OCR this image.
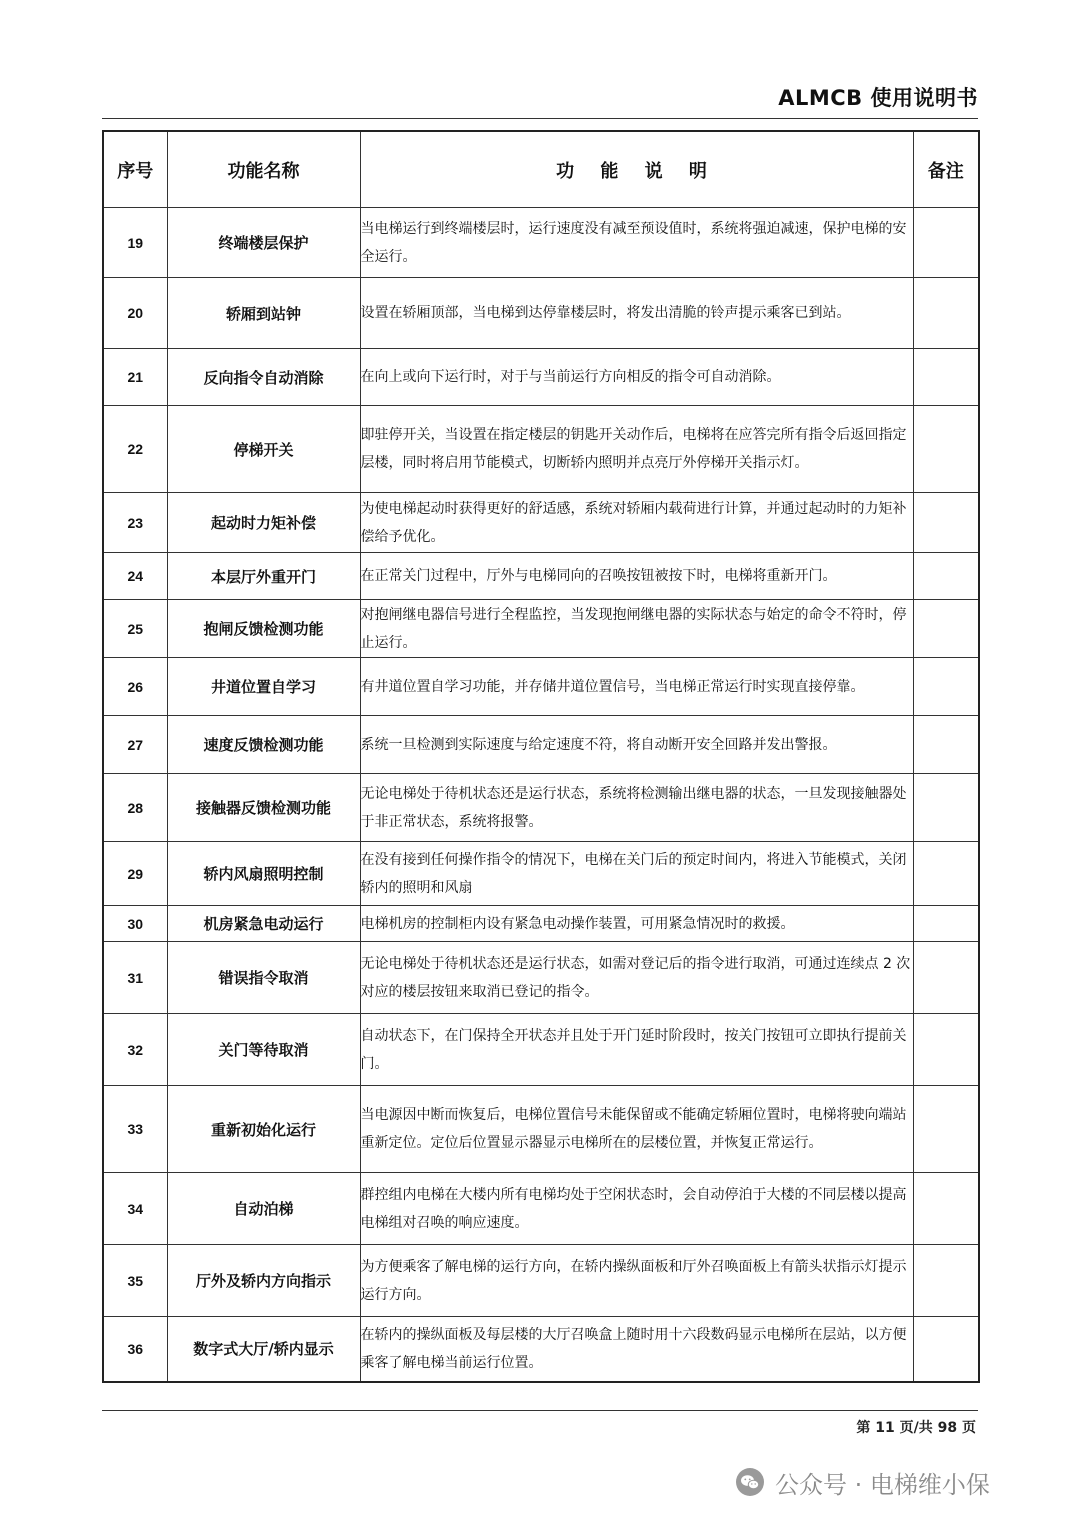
ALMCB 使用说明书
序号	功能名称	功 能 说 明	备注
19	终端楼层保护	当电梯运行到终端楼层时，运行速度没有减至预设值时，系统将强迫减速，保护电梯的安全运行。	
20	轿厢到站钟	设置在轿厢顶部，当电梯到达停靠楼层时，将发出清脆的铃声提示乘客已到站。	
21	反向指令自动消除	在向上或向下运行时，对于与当前运行方向相反的指令可自动消除。	
22	停梯开关	即驻停开关，当设置在指定楼层的钥匙开关动作后，电梯将在应答完所有指令后返回指定层楼，同时将启用节能模式，切断轿内照明并点亮厅外停梯开关指示灯。	
23	起动时力矩补偿	为使电梯起动时获得更好的舒适感，系统对轿厢内载荷进行计算，并通过起动时的力矩补偿给予优化。	
24	本层厅外重开门	在正常关门过程中，厅外与电梯同向的召唤按钮被按下时，电梯将重新开门。	
25	抱闸反馈检测功能	对抱闸继电器信号进行全程监控，当发现抱闸继电器的实际状态与始定的命令不符时，停止运行。	
26	井道位置自学习	有井道位置自学习功能，并存储井道位置信号，当电梯正常运行时实现直接停靠。	
27	速度反馈检测功能	系统一旦检测到实际速度与给定速度不符，将自动断开安全回路并发出警报。	
28	接触器反馈检测功能	无论电梯处于待机状态还是运行状态，系统将检测输出继电器的状态，一旦发现接触器处于非正常状态，系统将报警。	
29	轿内风扇照明控制	在没有接到任何操作指令的情况下，电梯在关门后的预定时间内，将进入节能模式，关闭轿内的照明和风扇	
30	机房紧急电动运行	电梯机房的控制柜内设有紧急电动操作装置，可用紧急情况时的救援。	
31	错误指令取消	无论电梯处于待机状态还是运行状态，如需对登记后的指令进行取消，可通过连续点 2 次对应的楼层按钮来取消已登记的指令。	
32	关门等待取消	自动状态下，在门保持全开状态并且处于开门延时阶段时，按关门按钮可立即执行提前关门。	
33	重新初始化运行	当电源因中断而恢复后，电梯位置信号未能保留或不能确定轿厢位置时，电梯将驶向端站重新定位。定位后位置显示器显示电梯所在的层楼位置，并恢复正常运行。	
34	自动泊梯	群控组内电梯在大楼内所有电梯均处于空闲状态时，会自动停泊于大楼的不同层楼以提高电梯组对召唤的响应速度。	
35	厅外及轿内方向指示	为方便乘客了解电梯的运行方向，在轿内操纵面板和厅外召唤面板上有箭头状指示灯提示运行方向。	
36	数字式大厅/轿内显示	在轿内的操纵面板及每层楼的大厅召唤盒上随时用十六段数码显示电梯所在层站，以方便乘客了解电梯当前运行位置。	
第 11 页/共 98 页
公众号 · 电梯维小保
